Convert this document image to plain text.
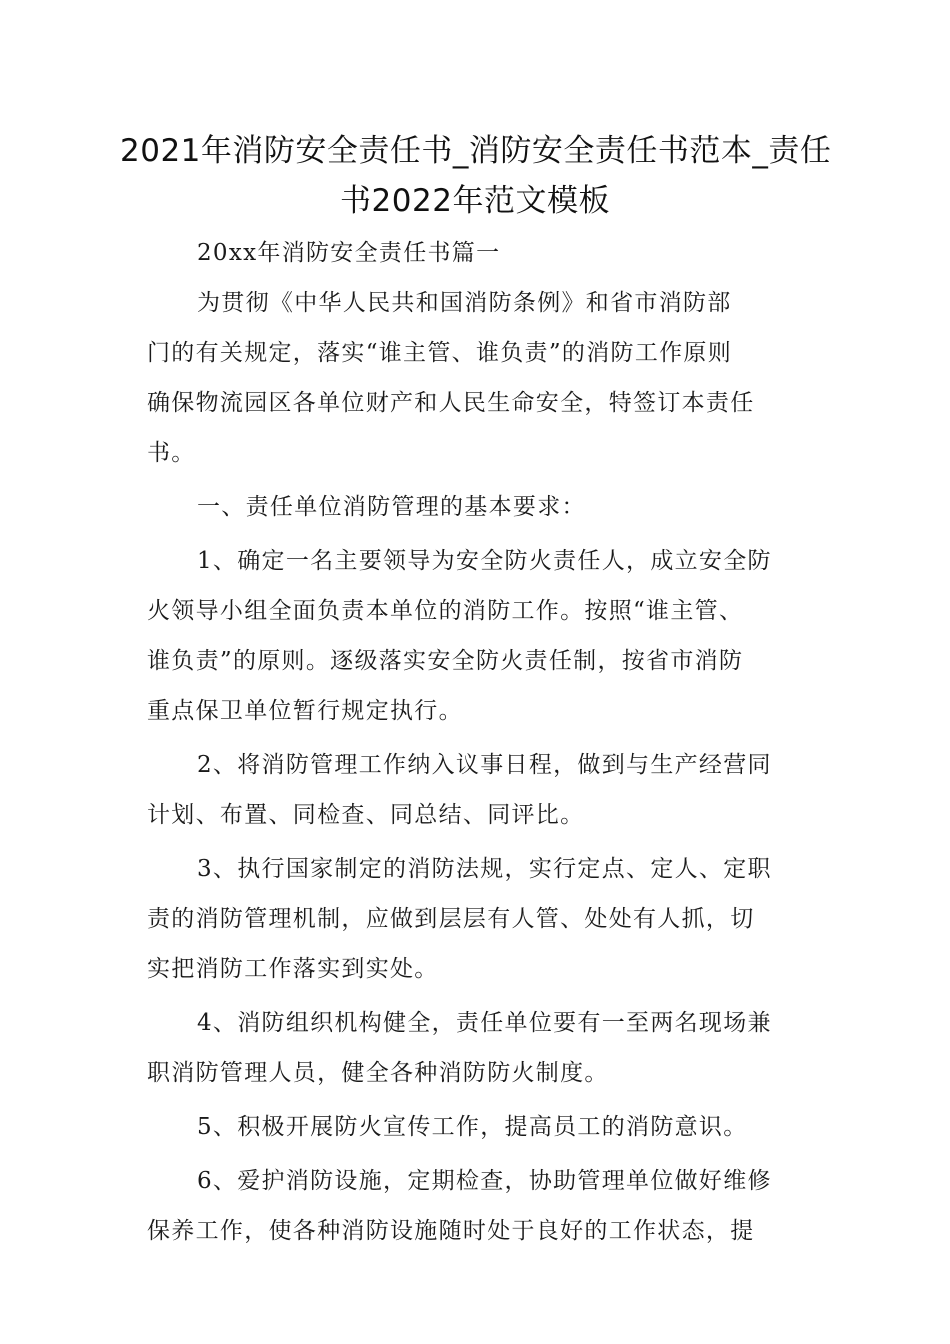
2021年消防安全责任书_消防安全责任书范本_责任
书2022年范文模板
20xx年消防安全责任书篇一
为贯彻《中华人民共和国消防条例》和省市消防部
门的有关规定，落实“谁主管、谁负责”的消防工作原则
确保物流园区各单位财产和人民生命安全，特签订本责任
书。
一、责任单位消防管理的基本要求：
1、确定一名主要领导为安全防火责任人，成立安全防
火领导小组全面负责本单位的消防工作。按照“谁主管、
谁负责”的原则。逐级落实安全防火责任制，按省市消防
重点保卫单位暂行规定执行。
2、将消防管理工作纳入议事日程，做到与生产经营同
计划、布置、同检查、同总结、同评比。
3、执行国家制定的消防法规，实行定点、定人、定职
责的消防管理机制，应做到层层有人管、处处有人抓，切
实把消防工作落实到实处。
4、消防组织机构健全，责任单位要有一至两名现场兼
职消防管理人员，健全各种消防防火制度。
5、积极开展防火宣传工作，提高员工的消防意识。
6、爱护消防设施，定期检查，协助管理单位做好维修
保养工作，使各种消防设施随时处于良好的工作状态，提
